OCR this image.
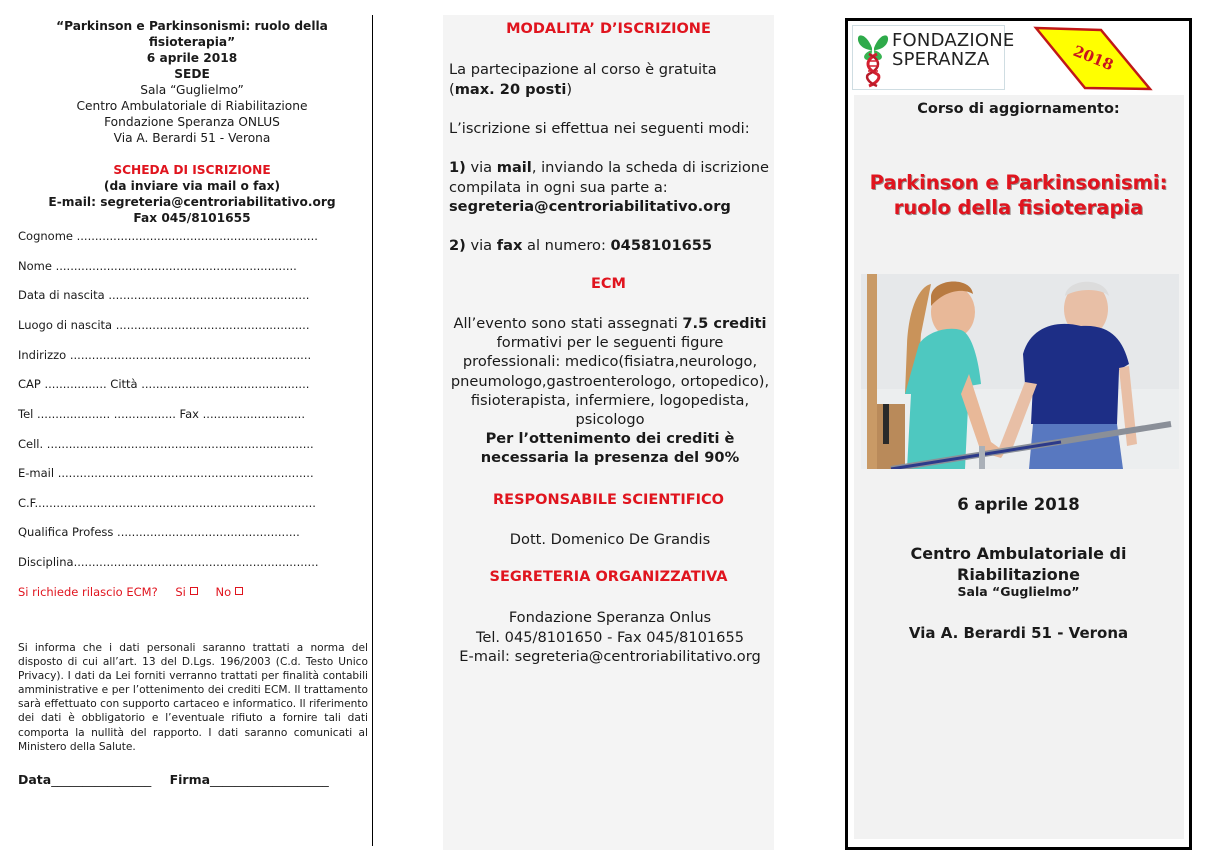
“Parkinson e Parkinsonismi: ruolo della fisioterapia”
6 aprile 2018
SEDE
Sala “Guglielmo”
Centro Ambulatoriale di Riabilitazione
Fondazione Speranza ONLUS
Via A. Berardi 51 - Verona
SCHEDA DI ISCRIZIONE
(da inviare via mail o fax)
E-mail: segreteria@centroriabilitativo.org
Fax 045/8101655
Cognome ..................................................................
Nome ..................................................................
Data di nascita .......................................................
Luogo di nascita .....................................................
Indirizzo ..................................................................
CAP ................. Città ..............................................
Tel .................... ................. Fax ............................
Cell. .........................................................................
E-mail ......................................................................
C.F.............................................................................
Qualifica Profess ..................................................
Disciplina...................................................................
Si richiede rilascio ECM? Si	No
Si informa che i dati personali saranno trattati a norma del disposto di cui all’art. 13 del D.Lgs. 196/2003 (C.d. Testo Unico Privacy). I dati da Lei forniti verranno trattati per finalità contabili amministrative e per l’ottenimento dei crediti ECM. Il trattamento sarà effettuato con supporto cartaceo e informatico. Il riferimento dei dati è obbligatorio e l’eventuale rifiuto a fornire tali dati comporta la nullità del rapporto. I dati saranno comunicati al Ministero della Salute.
Data________________ Firma___________________
MODALITA’ D’ISCRIZIONE
La partecipazione al corso è gratuita
(max. 20 posti)
L’iscrizione si effettua nei seguenti modi:
1) via mail, inviando la scheda di iscrizione compilata in ogni sua parte a:
segreteria@centroriabilitativo.org
2) via fax al numero: 0458101655
ECM
All’evento sono stati assegnati 7.5 crediti formativi per le seguenti figure professionali: medico(fisiatra,neurologo, pneumologo,gastroenterologo, ortopedico), fisioterapista, infermiere, logopedista, psicologo
Per l’ottenimento dei crediti è necessaria la presenza del 90%
RESPONSABILE SCIENTIFICO
Dott. Domenico De Grandis
SEGRETERIA ORGANIZZATIVA
Fondazione Speranza Onlus
Tel. 045/8101650 - Fax 045/8101655
E-mail: segreteria@centroriabilitativo.org
FONDAZIONE
SPERANZA	2018
Corso di aggiornamento:
Parkinson e Parkinsonismi:
ruolo della fisioterapia
6 aprile 2018
Centro Ambulatoriale di
Riabilitazione
Sala “Guglielmo”
Via A. Berardi 51 - Verona
